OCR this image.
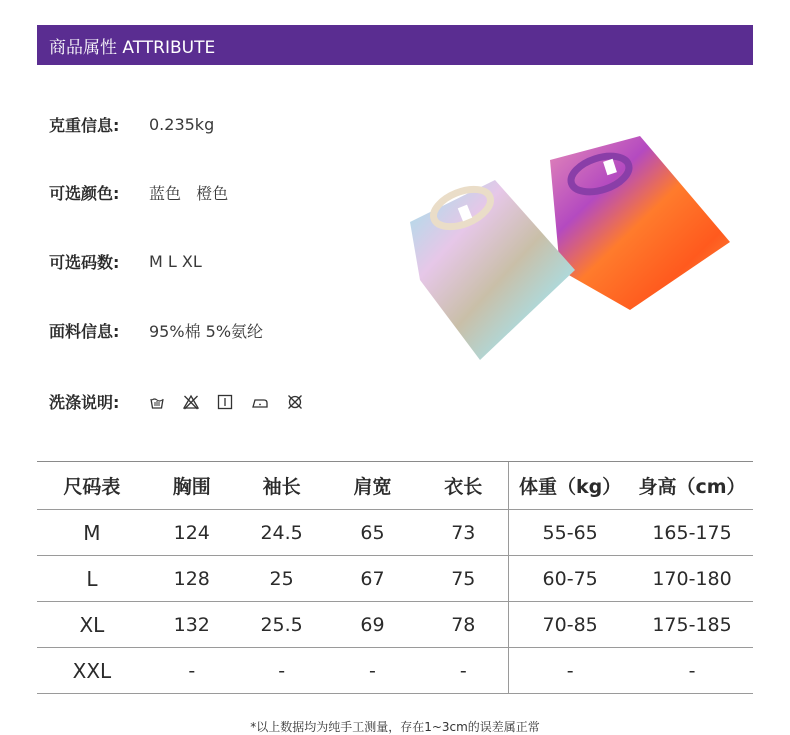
商品属性 ATTRIBUTE
克重信息:	0.235kg
可选颜色:	蓝色   橙色
可选码数:	M L XL
面料信息:	95%棉 5%氨纶
洗涤说明:
尺码表	胸围	袖长	肩宽	衣长	体重（kg）	身高（cm）
M	124	24.5	65	73	55-65	165-175
L	128	25	67	75	60-75	170-180
XL	132	25.5	69	78	70-85	175-185
XXL	-	-	-	-	-	-
*以上数据均为纯手工测量，存在1~3cm的误差属正常
